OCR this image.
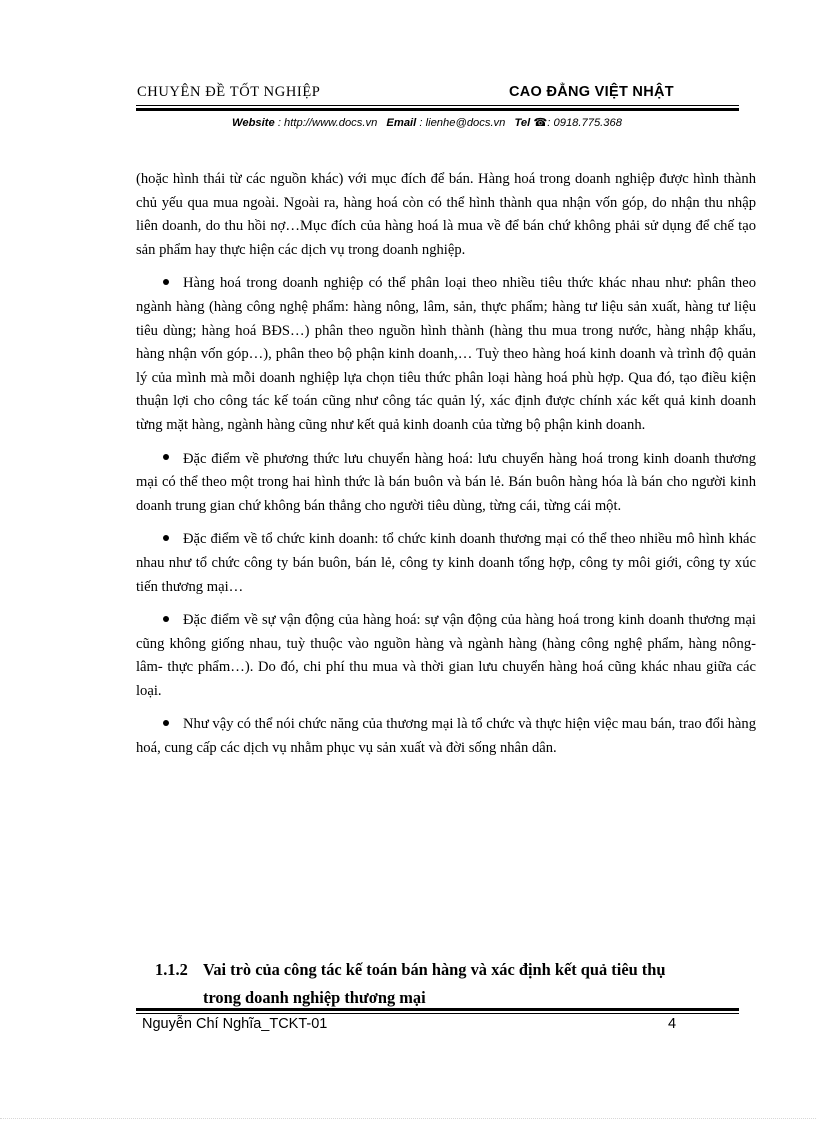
CHUYÊN ĐỀ TỐT NGHIỆP	CAO ĐẲNG VIỆT NHẬT
Website : http://www.docs.vn Email : lienhe@docs.vn Tel ☎: 0918.775.368

(hoặc hình thái từ các nguồn khác) với mục đích để bán. Hàng hoá trong doanh nghiệp được hình thành chủ yếu qua mua ngoài. Ngoài ra, hàng hoá còn có thể hình thành qua nhận vốn góp, do nhận thu nhập liên doanh, do thu hồi nợ…Mục đích của hàng hoá là mua về để bán chứ không phải sử dụng để chế tạo sản phẩm hay thực hiện các dịch vụ trong doanh nghiệp.

Hàng hoá trong doanh nghiệp có thể phân loại theo nhiều tiêu thức khác nhau như: phân theo ngành hàng (hàng công nghệ phẩm: hàng nông, lâm, sản, thực phẩm; hàng tư liệu sản xuất, hàng tư liệu tiêu dùng; hàng hoá BĐS…) phân theo nguồn hình thành (hàng thu mua trong nước, hàng nhập khẩu, hàng nhận vốn góp…), phân theo bộ phận kinh doanh,… Tuỳ theo hàng hoá kinh doanh và trình độ quản lý của mình mà mỗi doanh nghiệp lựa chọn tiêu thức phân loại hàng hoá phù hợp. Qua đó, tạo điều kiện thuận lợi cho công tác kế toán cũng như công tác quản lý, xác định được chính xác kết quả kinh doanh từng mặt hàng, ngành hàng cũng như kết quả kinh doanh của từng bộ phận kinh doanh.

Đặc điểm về phương thức lưu chuyển hàng hoá: lưu chuyển hàng hoá trong kinh doanh thương mại có thể theo một trong hai hình thức là bán buôn và bán lẻ. Bán buôn hàng hóa là bán cho người kinh doanh trung gian chứ không bán thẳng cho người tiêu dùng, từng cái, từng cái một.

Đặc điểm về tổ chức kinh doanh: tổ chức kinh doanh thương mại có thể theo nhiều mô hình khác nhau như tổ chức công ty bán buôn, bán lẻ, công ty kinh doanh tổng hợp, công ty môi giới, công ty xúc tiến thương mại…

Đặc điểm về sự vận động của hàng hoá: sự vận động của hàng hoá trong kinh doanh thương mại cũng không giống nhau, tuỳ thuộc vào nguồn hàng và ngành hàng (hàng công nghệ phẩm, hàng nông- lâm- thực phẩm…). Do đó, chi phí thu mua và thời gian lưu chuyển hàng hoá cũng khác nhau giữa các loại.

Như vậy có thể nói chức năng của thương mại là tổ chức và thực hiện việc mau bán, trao đổi hàng hoá, cung cấp các dịch vụ nhằm phục vụ sản xuất và đời sống nhân dân.

1.1.2 Vai trò của công tác kế toán bán hàng và xác định kết quả tiêu thụ
trong doanh nghiệp thương mại
Nguyễn Chí Nghĩa_TCKT-01	4
